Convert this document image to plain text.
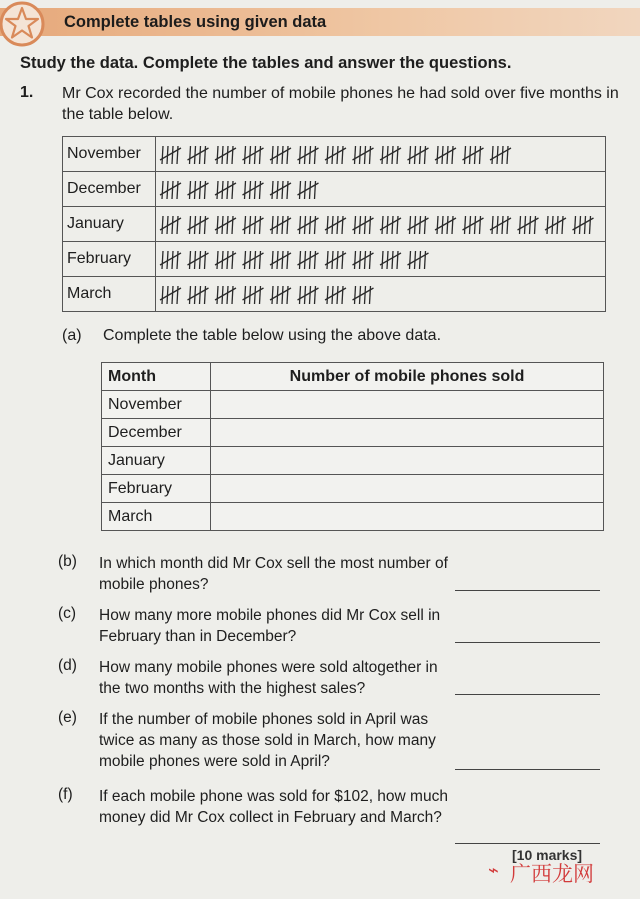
Complete tables using given data
Study the data. Complete the tables and answer the questions.
1. Mr Cox recorded the number of mobile phones he had sold over five months in the table below.
November	

December	

January	

February	

March	
(a) Complete the table below using the above data.
Month	Number of mobile phones sold
November	
December	
January	
February	
March	
(b) In which month did Mr Cox sell the most number of mobile phones?
(c) How many more mobile phones did Mr Cox sell in February than in December?
(d) How many mobile phones were sold altogether in the two months with the highest sales?
(e) If the number of mobile phones sold in April was twice as many as those sold in March, how many mobile phones were sold in April?
(f) If each mobile phone was sold for $102, how much money did Mr Cox collect in February and March?
[10 marks]
⌁ 广西龙网
